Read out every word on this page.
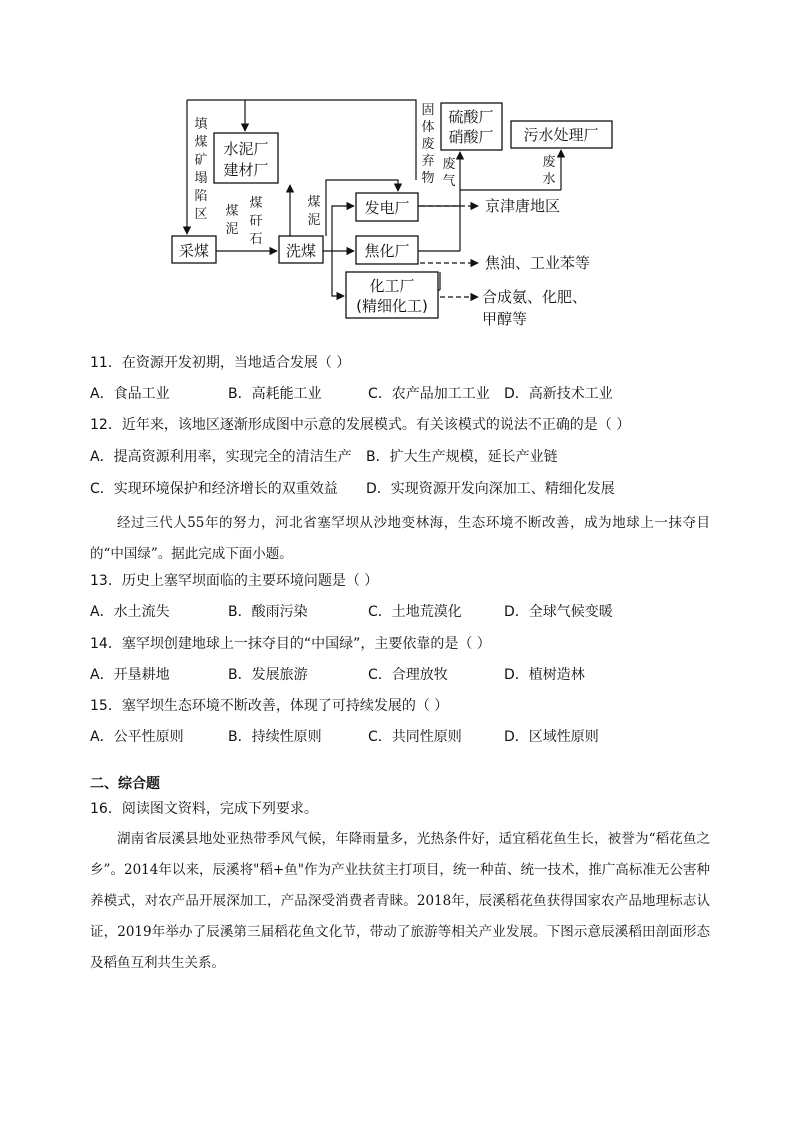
采煤	洗煤
水泥厂
建材厂
发电厂
焦化厂
化工厂
(精细化工)
硫酸厂
硝酸厂 污水处理厂
填
煤
矿
塌
陷
区 煤
泥
煤
矸
石
煤
泥
固
体
废
弃
物
废
气
废
水
京津唐地区
焦油、工业苯等
合成氨、化肥、
甲醇等
11．在资源开发初期，当地适合发展（ ）
A．食品工业	B．高耗能工业	C．农产品加工工业 D．高新技术工业
12．近年来，该地区逐渐形成图中示意的发展模式。有关该模式的说法不正确的是（ ）
A．提高资源利用率，实现完全的清洁生产 B．扩大生产规模，延长产业链
C．实现环境保护和经济增长的双重效益 D．实现资源开发向深加工、精细化发展
经过三代人55年的努力，河北省塞罕坝从沙地变林海，生态环境不断改善，成为地球上一抹夺目的“中国绿”。据此完成下面小题。
13．历史上塞罕坝面临的主要环境问题是（ ）
A．水土流失	B．酸雨污染	C．土地荒漠化	D．全球气候变暖
14．塞罕坝创建地球上一抹夺目的“中国绿”，主要依靠的是（ ）
A．开垦耕地	B．发展旅游	C．合理放牧	D．植树造林
15．塞罕坝生态环境不断改善，体现了可持续发展的（ ）
A．公平性原则	B．持续性原则	C．共同性原则	D．区域性原则
二、综合题
16．阅读图文资料，完成下列要求。
湖南省辰溪县地处亚热带季风气候，年降雨量多，光热条件好，适宜稻花鱼生长，被誉为“稻花鱼之乡”。2014年以来，辰溪将"稻+鱼"作为产业扶贫主打项目，统一种苗、统一技术，推广高标准无公害种养模式，对农产品开展深加工，产品深受消费者青睐。2018年，辰溪稻花鱼获得国家农产品地理标志认证，2019年举办了辰溪第三届稻花鱼文化节，带动了旅游等相关产业发展。下图示意辰溪稻田剖面形态及稻鱼互利共生关系。
